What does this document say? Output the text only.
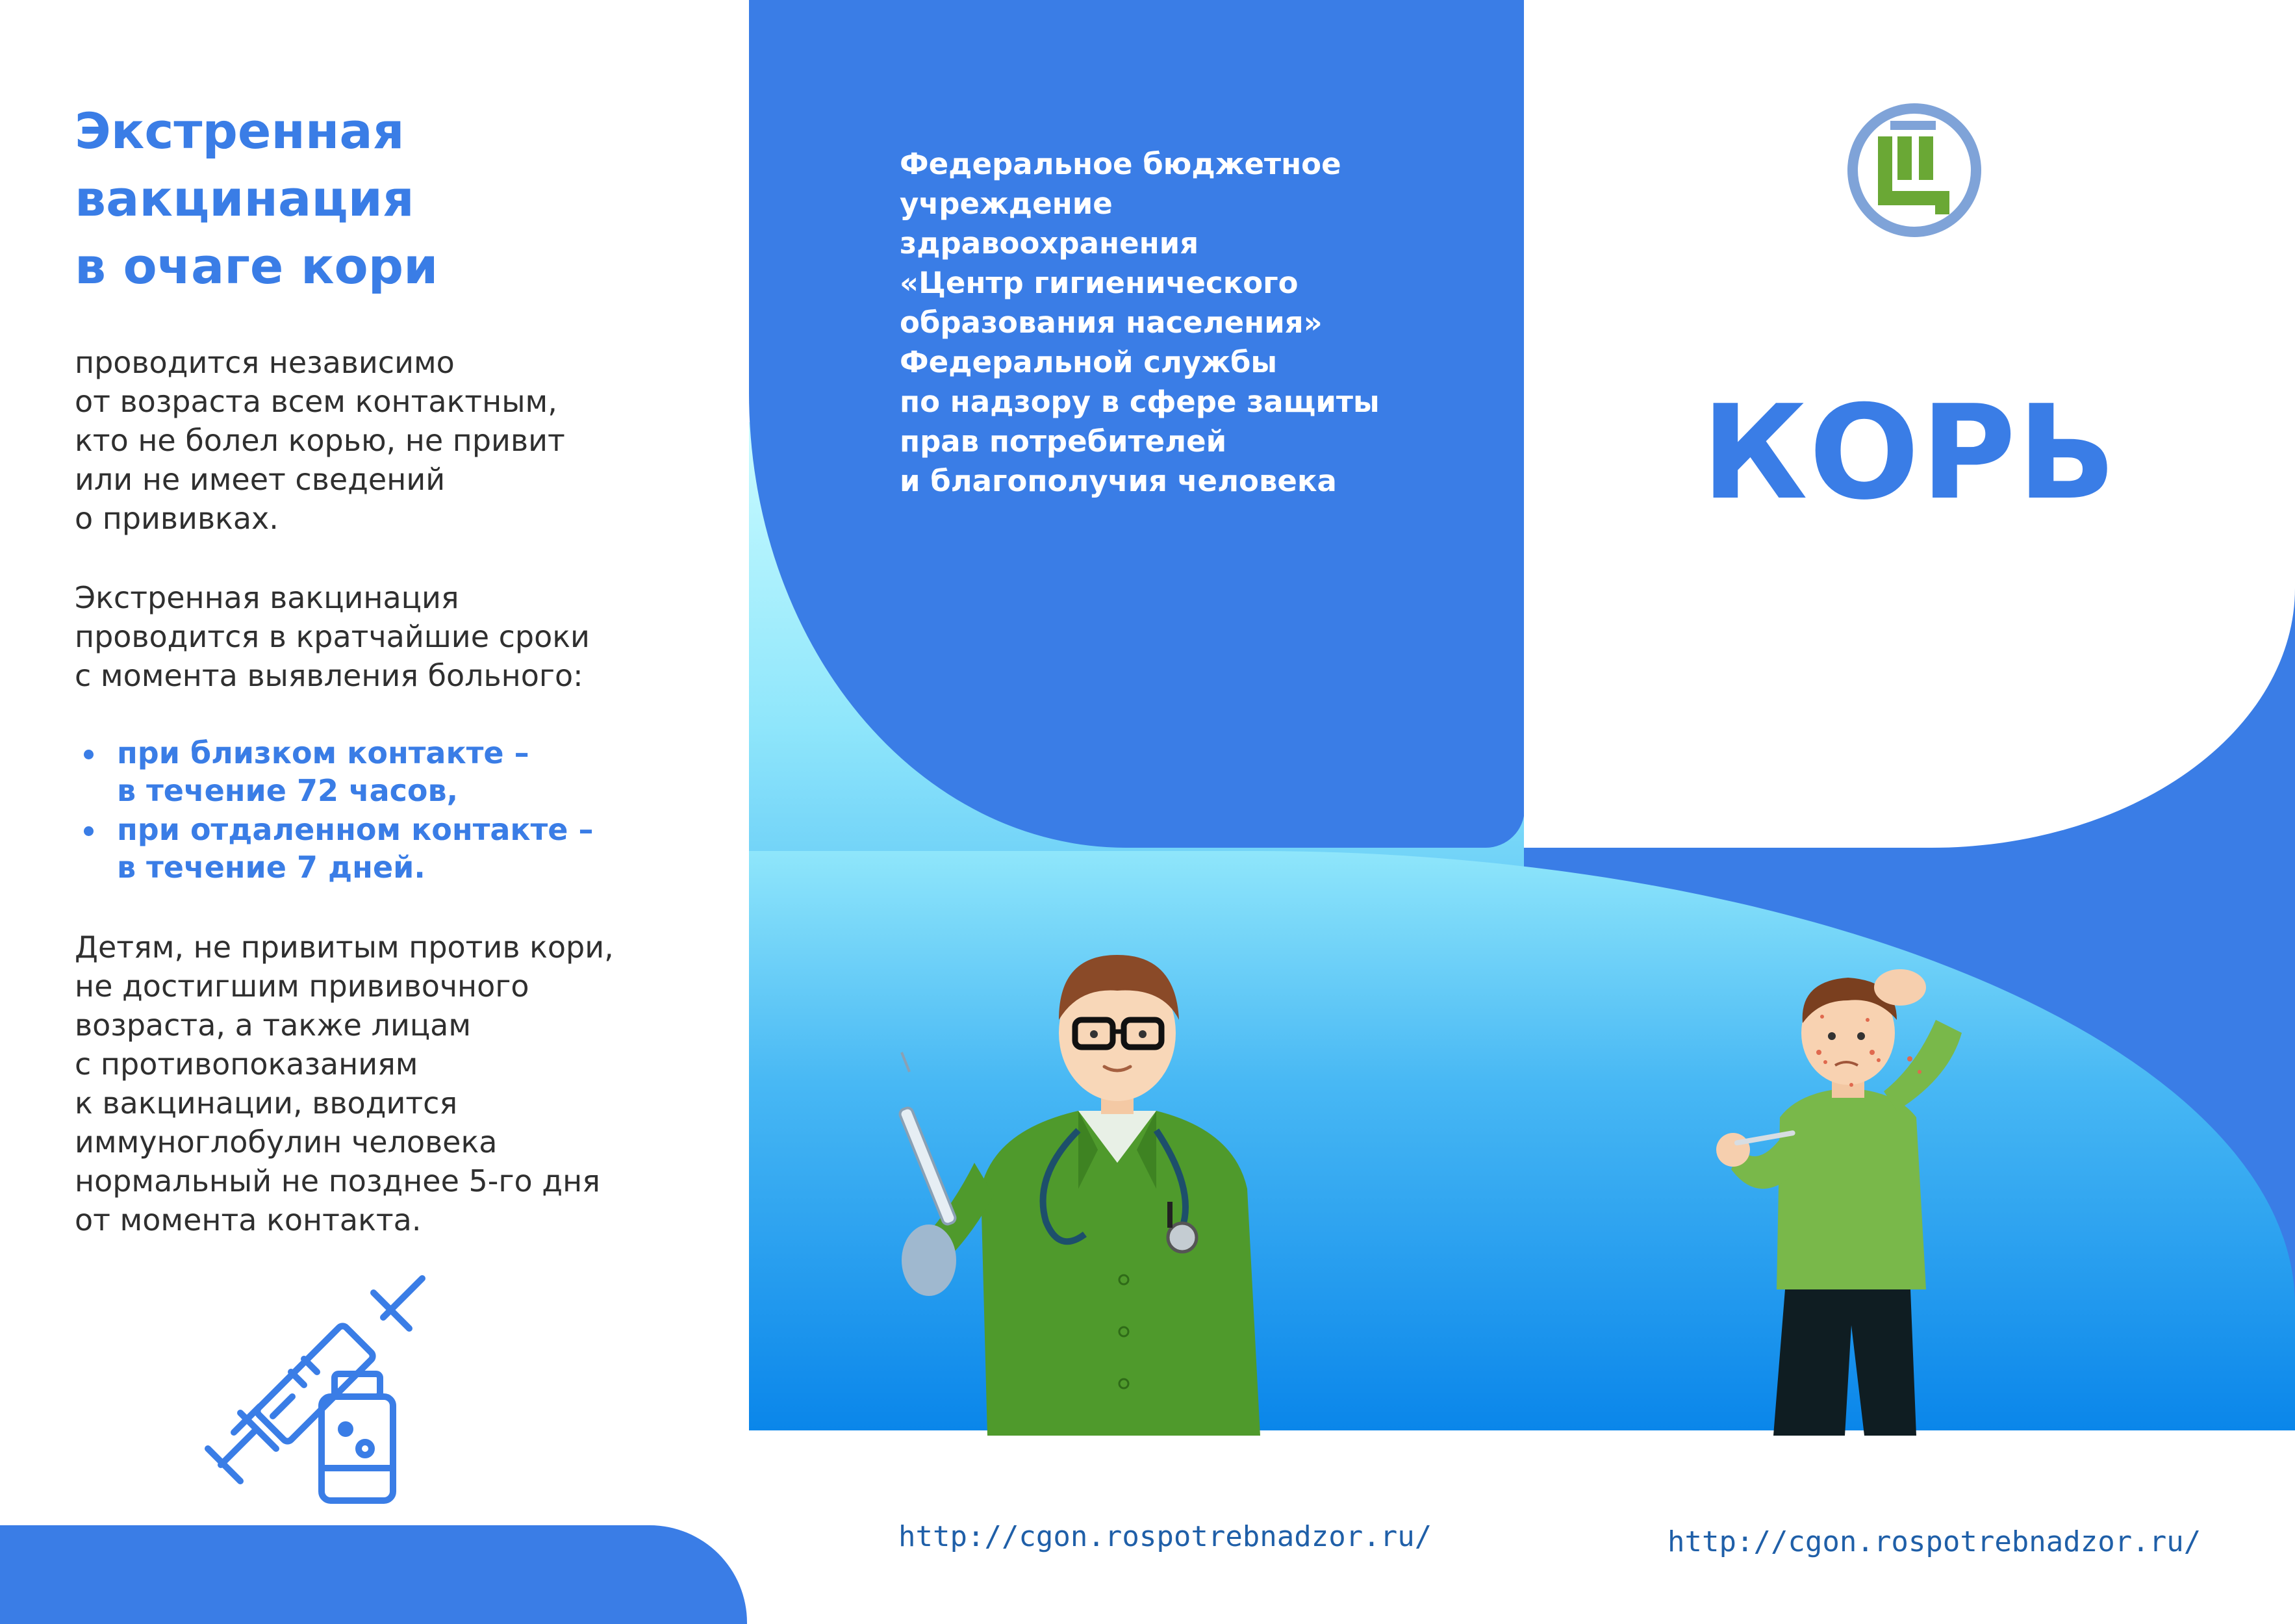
Экстренная
вакцинация
в очаге кори

проводится независимо
от возраста всем контактным,
кто не болел корью, не привит
или не имеет сведений
о прививках.

Экстренная вакцинация
проводится в кратчайшие сроки
с момента выявления больного:

при близком контакте –
в течение 72 часов,
при отдаленном контакте –
в течение 7 дней.

Детям, не привитым против кори,
не достигшим прививочного
возраста, а также лицам
с противопоказаниям
к вакцинации, вводится
иммуноглобулин человека
нормальный не позднее 5-го дня
от момента контакта.

Федеральное бюджетное
учреждение
здравоохранения
«Центр гигиенического
образования населения»
Федеральной службы
по надзору в сфере защиты
прав потребителей
и благополучия человека	КОРЬ
http://cgon.rospotrebnadzor.ru/	http://cgon.rospotrebnadzor.ru/
